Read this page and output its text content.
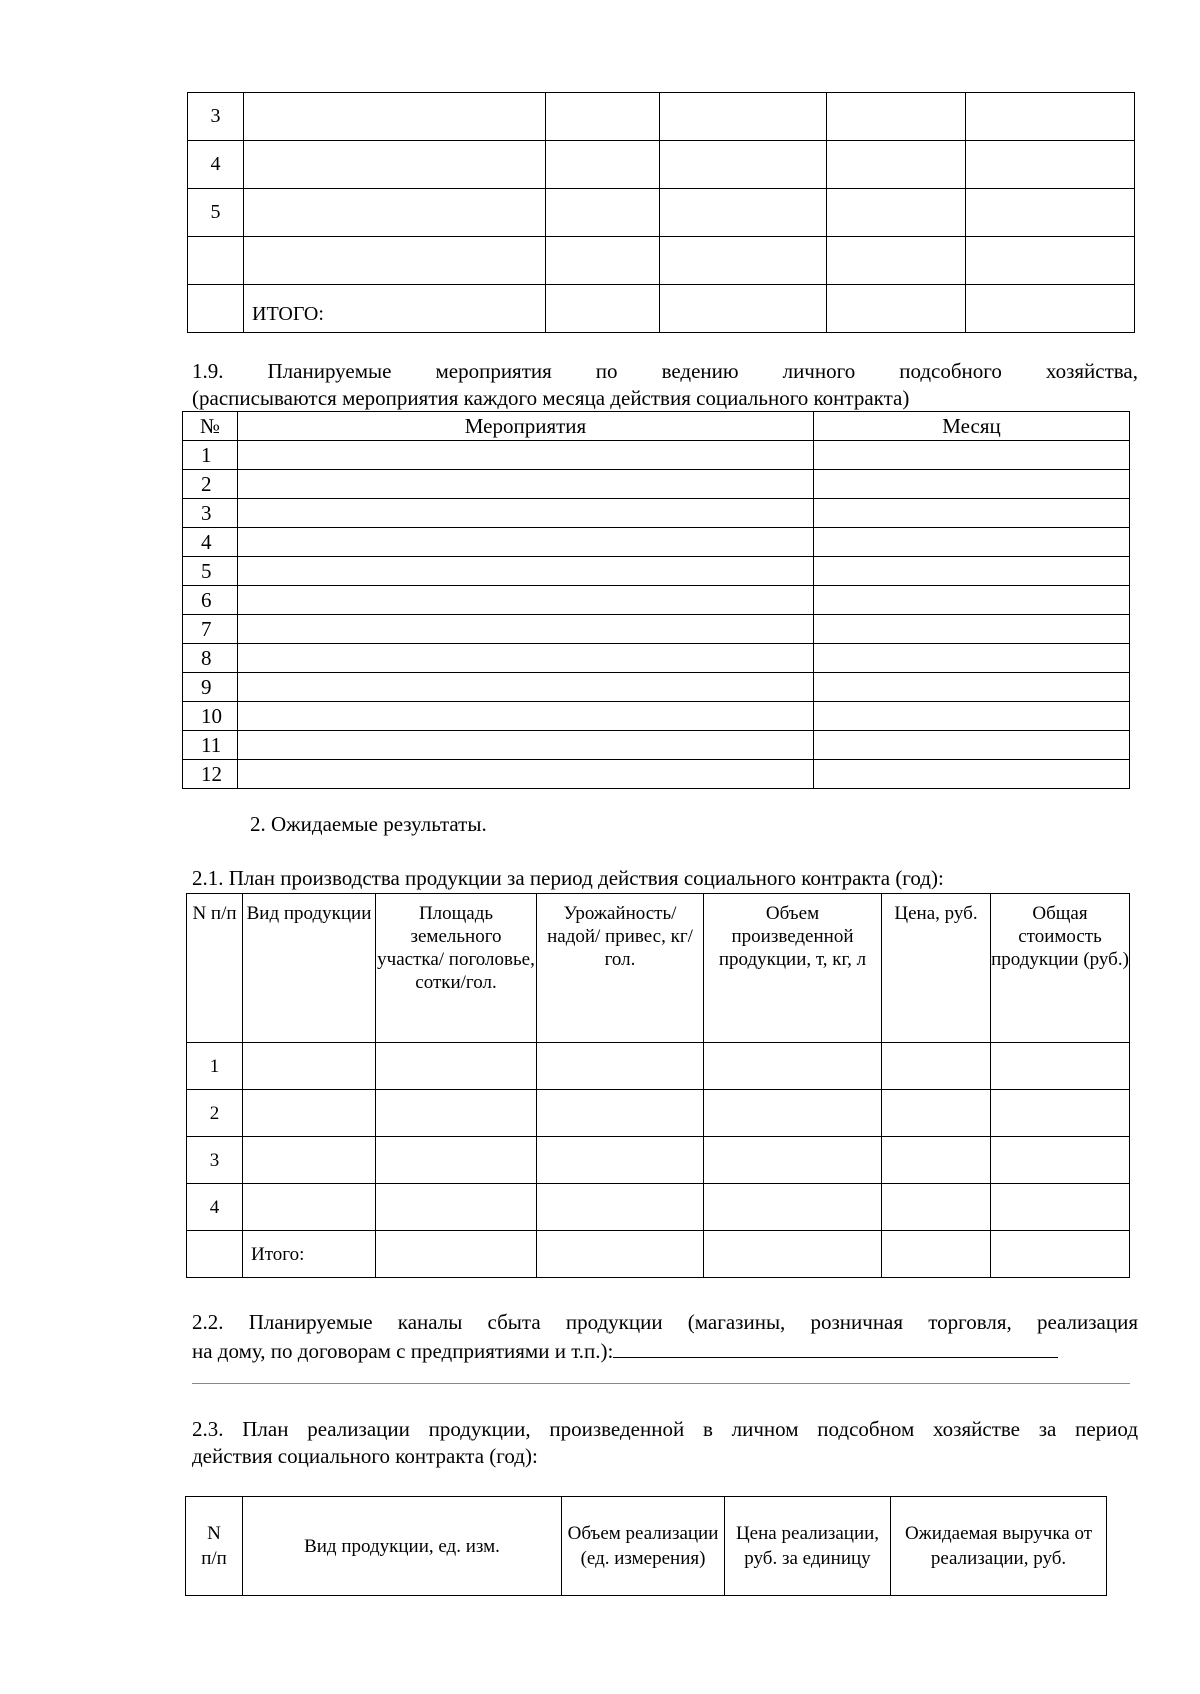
3					
4					
5					

	ИТОГО:				
1.9. Планируемые мероприятия по ведению личного подсобного хозяйства,
(расписываются мероприятия каждого месяца действия социального контракта)
№	Мероприятия	Месяц
1		
2		
3		
4		
5		
6		
7		
8		
9		
10		
11		
12		
2. Ожидаемые результаты.
2.1. План производства продукции за период действия социального контракта (год):
N п/п	Вид продукции	Площадь земельного участка/ поголовье, сотки/гол.	Урожайность/ надой/ привес, кг/гол.	Объем произведенной продукции, т, кг, л	Цена, руб.	Общая стоимость продукции (руб.)
1						
2						
3						
4						
	Итого:					
2.2. Планируемые каналы сбыта продукции (магазины, розничная торговля, реализация
на дому, по договорам с предприятиями и т.п.):
2.3. План реализации продукции, произведенной в личном подсобном хозяйстве за период
действия социального контракта (год):
N п/п	Вид продукции, ед. изм.	Объем реализации (ед. измерения)	Цена реализации, руб. за единицу	Ожидаемая выручка от реализации, руб.
